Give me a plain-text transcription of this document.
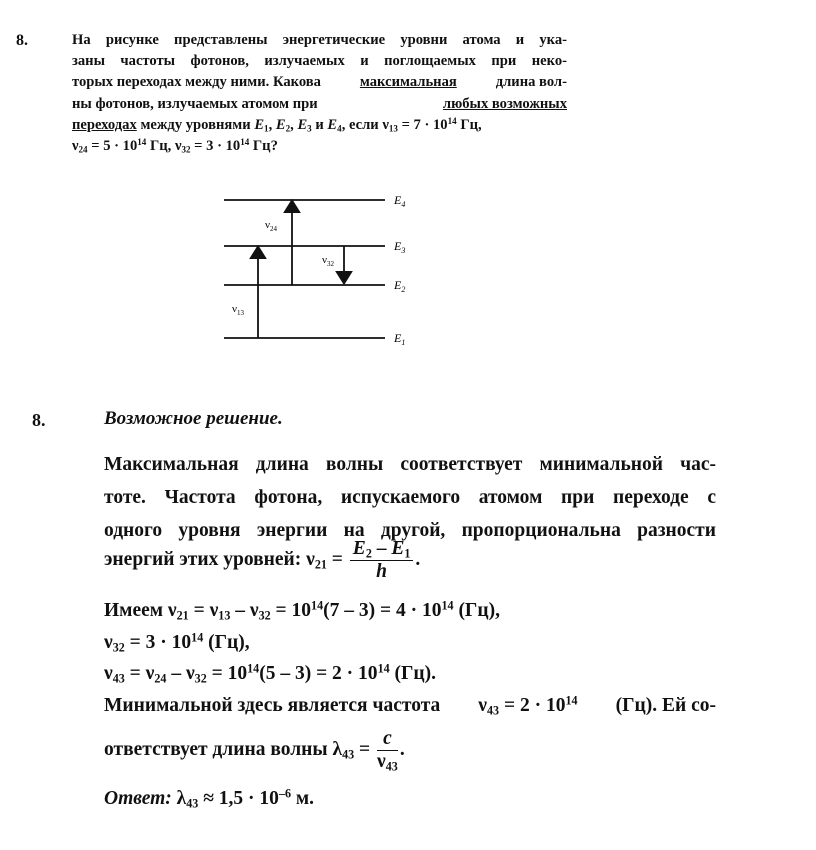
8.	На рисунке представлены энергетические уровни атома и ука-
заны частоты фотонов, излучаемых и поглощаемых при неко-
торых переходах между ними. Какова	максимальная	длина вол-
ны фотонов, излучаемых атомом при	любых возможных
переходах между уровнями $E_1$, $E_2$, $E_3$ и $E_4$, если $\nu_{13} = 7 \cdot 10^{14}$ Гц,
$\nu_{24} = 5 \cdot 10^{14}$ Гц, $\nu_{32} = 3 \cdot 10^{14}$ Гц?
$E_4$
$E_3$
$E_2$
$E_1$
$\nu_{24}$
$\nu_{32}$
$\nu_{13}$
8.	Возможное решение.
Максимальная длина волны соответствует минимальной час-
тоте. Частота фотона, испускаемого атомом при переходе с
одного уровня энергии на другой, пропорциональна разности
энергий этих уровней: $\nu_{21} = \frac{E_2 - E_1}{h}$ .
Имеем $\nu_{21} = \nu_{13} - \nu_{32} = 10^{14}(7 - 3) = 4 \cdot 10^{14}$ (Гц),
$\nu_{32} = 3 \cdot 10^{14}$ (Гц),
$\nu_{43} = \nu_{24} - \nu_{32} = 10^{14}(5 - 3) = 2 \cdot 10^{14}$ (Гц).
Минимальной здесь является частота $\nu_{43} = 2 \cdot 10^{14}$ (Гц). Ей со-
ответствует длина волны $\lambda_{43} = \frac{c}{\nu_{43}}$ .
Ответ: $\lambda_{43} \approx 1,5 \cdot 10^{-6}$ м.
